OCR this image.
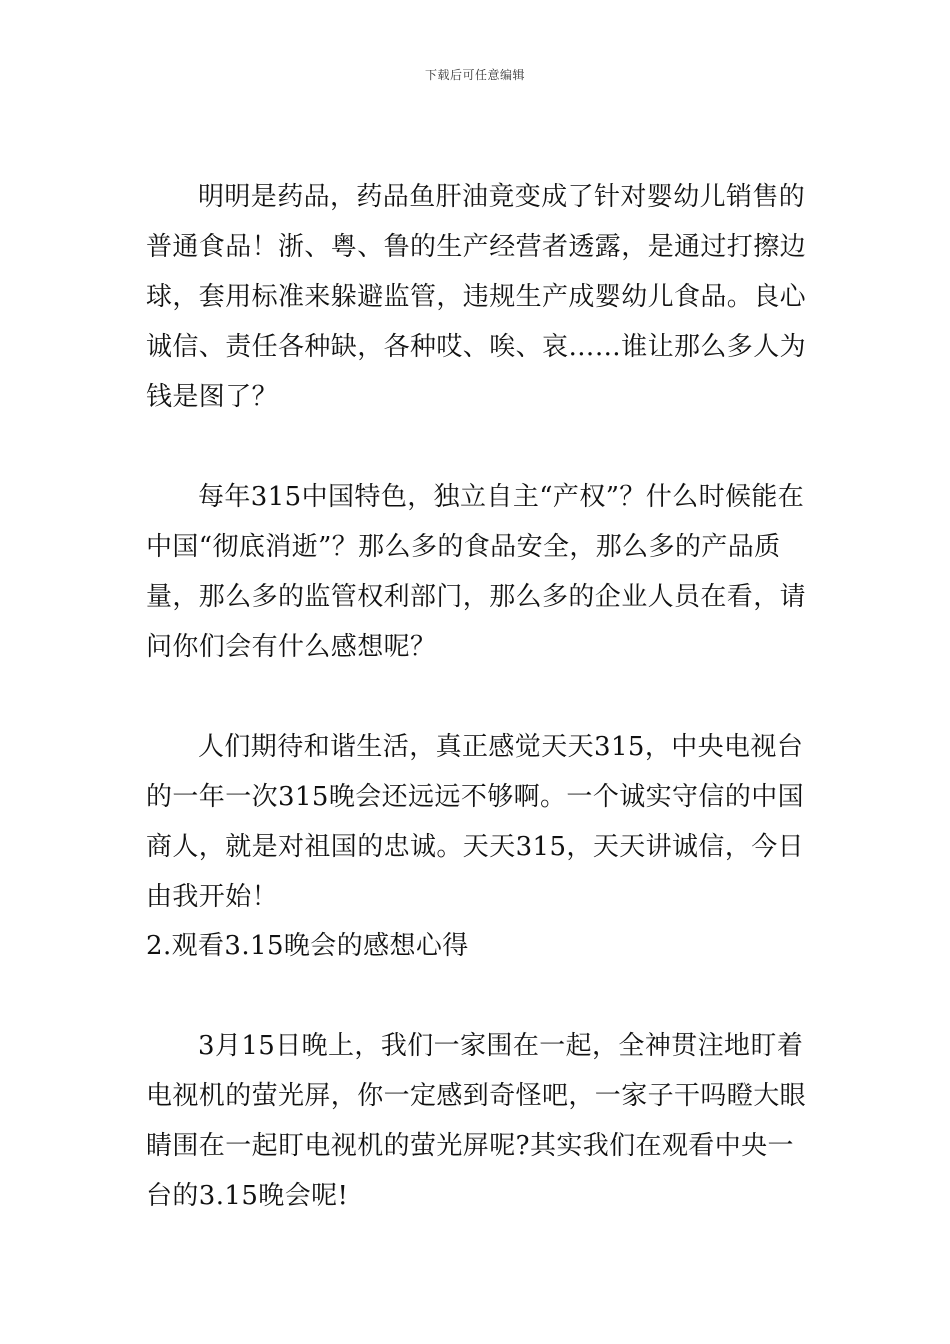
下载后可任意编辑

明明是药品，药品鱼肝油竟变成了针对婴幼儿销售的普通食品！浙、粤、鲁的生产经营者透露，是通过打擦边球，套用标准来躲避监管，违规生产成婴幼儿食品。良心诚信、责任各种缺，各种哎、唉、哀……谁让那么多人为钱是图了？

每年315中国特色，独立自主“产权”？什么时候能在中国“彻底消逝”？那么多的食品安全，那么多的产品质量，那么多的监管权利部门，那么多的企业人员在看，请问你们会有什么感想呢？

人们期待和谐生活，真正感觉天天315，中央电视台的一年一次315晚会还远远不够啊。一个诚实守信的中国商人，就是对祖国的忠诚。天天315，天天讲诚信，今日由我开始！

2.观看3.15晚会的感想心得

3月15日晚上，我们一家围在一起，全神贯注地盯着电视机的萤光屏，你一定感到奇怪吧，一家子干吗瞪大眼睛围在一起盯电视机的萤光屏呢?其实我们在观看中央一台的3.15晚会呢!
